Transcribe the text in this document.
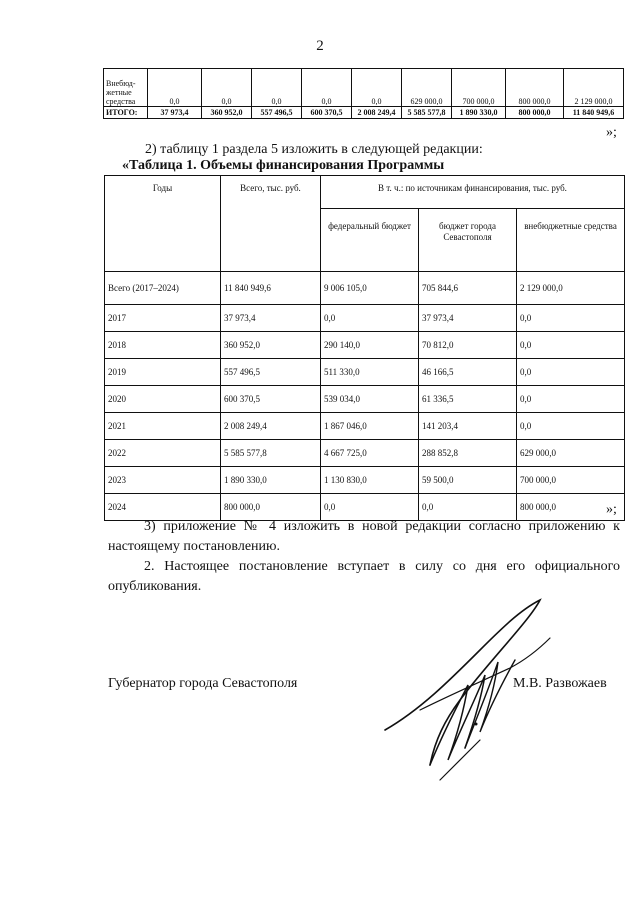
2
Внебюд-жетные средства	0,0	0,0	0,0	0,0	0,0	629 000,0	700 000,0	800 000,0	2 129 000,0
ИТОГО:	37 973,4	360 952,0	557 496,5	600 370,5	2 008 249,4	5 585 577,8	1 890 330,0	800 000,0	11 840 949,6
»;
2) таблицу 1 раздела 5 изложить в следующей редакции:
«Таблица 1. Объемы финансирования Программы
Годы	Всего, тыс. руб.	В т. ч.: по источникам финансирования, тыс. руб.		
		федеральный бюджет	бюджет города Севастополя	внебюджетные средства
Всего (2017–2024)	11 840 949,6	9 006 105,0	705 844,6	2 129 000,0
2017	37 973,4	0,0	37 973,4	0,0
2018	360 952,0	290 140,0	70 812,0	0,0
2019	557 496,5	511 330,0	46 166,5	0,0
2020	600 370,5	539 034,0	61 336,5	0,0
2021	2 008 249,4	1 867 046,0	141 203,4	0,0
2022	5 585 577,8	4 667 725,0	288 852,8	629 000,0
2023	1 890 330,0	1 130 830,0	59 500,0	700 000,0
2024	800 000,0	0,0	0,0	800 000,0	»;
3) приложение № 4 изложить в новой редакции согласно приложению к настоящему постановлению.
2. Настоящее постановление вступает в силу со дня его официального опубликования.
Губернатор города Севастополя	М.В. Развожаев
